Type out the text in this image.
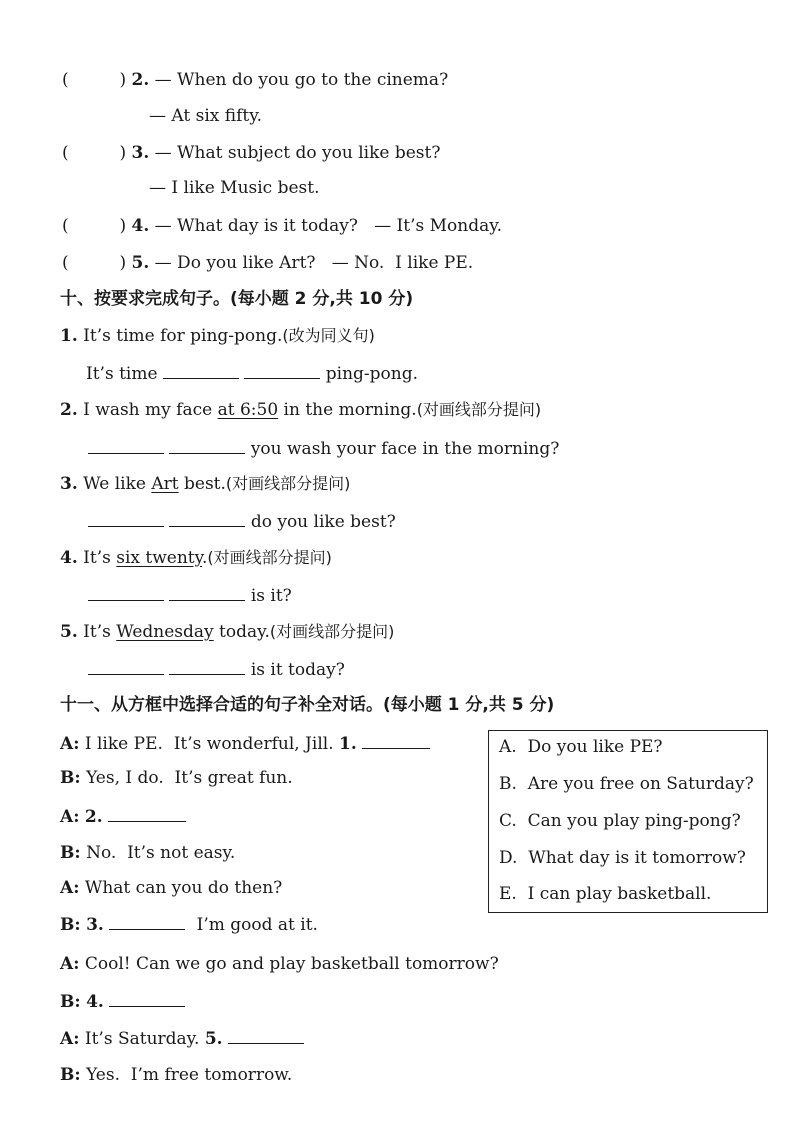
(	) 2. — When do you go to the cinema?
— At six fifty.
(	) 3. — What subject do you like best?
— I like Music best.
(	) 4. — What day is it today?   — It’s Monday.
(	) 5. — Do you like Art?   — No.  I like PE.
十、按要求完成句子。(每小题 2 分,共 10 分)
1. It’s time for ping-pong.(改为同义句)
It’s time	ping-pong.
2. I wash my face at 6:50 in the morning.(对画线部分提问)
you wash your face in the morning?
3. We like Art best.(对画线部分提问)
do you like best?
4. It’s six twenty.(对画线部分提问)
is it?
5. It’s Wednesday today.(对画线部分提问)
is it today?
十一、从方框中选择合适的句子补全对话。(每小题 1 分,共 5 分)
A: I like PE.  It’s wonderful, Jill. 1.
B: Yes, I do.  It’s great fun.
A: 2.
B: No.  It’s not easy.
A: What can you do then?
B: 3.	I’m good at it.
A: Cool! Can we go and play basketball tomorrow?
B: 4.
A: It’s Saturday. 5.
B: Yes.  I’m free tomorrow.
A.  Do you like PE?
B.  Are you free on Saturday?
C.  Can you play ping-pong?
D.  What day is it tomorrow?
E.  I can play basketball.
